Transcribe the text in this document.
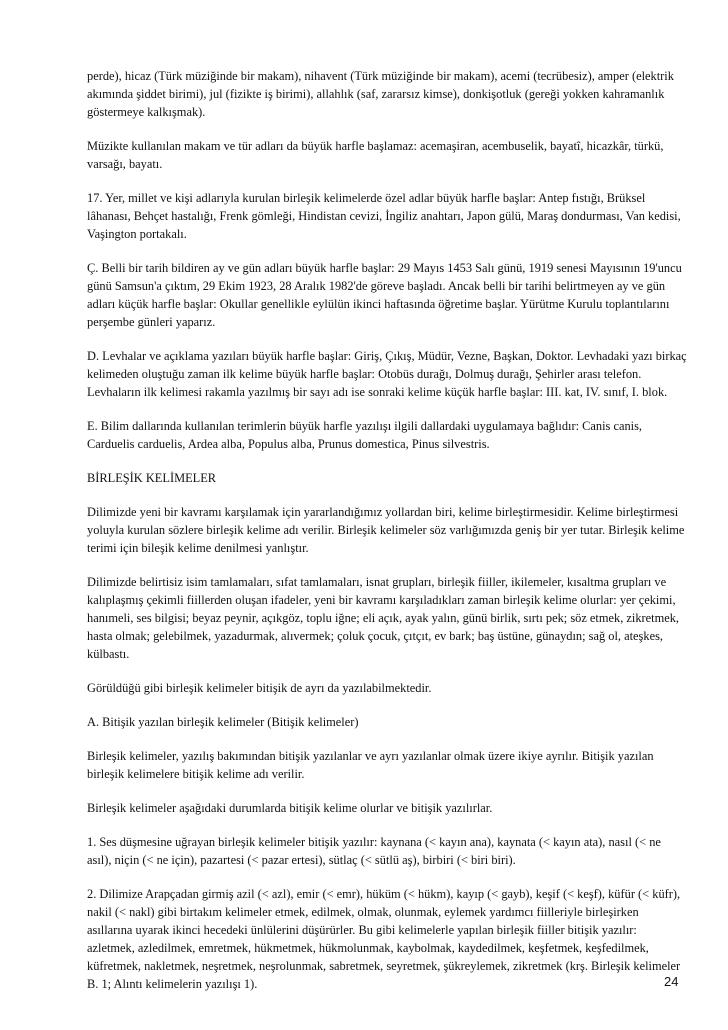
perde), hicaz (Türk müziğinde bir makam), nihavent (Türk müziğinde bir makam), acemi (tecrübesiz), amper (elektrik akımında şiddet birimi), jul (fizikte iş birimi), allahlık (saf, zararsız kimse), donkişotluk (gereği yokken kahramanlık göstermeye kalkışmak).

Müzikte kullanılan makam ve tür adları da büyük harfle başlamaz: acemaşiran, acembuselik, bayatî, hicazkâr, türkü, varsağı, bayatı.

17. Yer, millet ve kişi adlarıyla kurulan birleşik kelimelerde özel adlar büyük harfle başlar: Antep fıstığı, Brüksel lâhanası, Behçet hastalığı, Frenk gömleği, Hindistan cevizi, İngiliz anahtarı, Japon gülü, Maraş dondurması, Van kedisi, Vaşington portakalı.

Ç. Belli bir tarih bildiren ay ve gün adları büyük harfle başlar: 29 Mayıs 1453 Salı günü, 1919 senesi Mayısının 19'uncu günü Samsun'a çıktım, 29 Ekim 1923, 28 Aralık 1982'de göreve başladı. Ancak belli bir tarihi belirtmeyen ay ve gün adları küçük harfle başlar: Okullar genellikle eylülün ikinci haftasında öğretime başlar. Yürütme Kurulu toplantılarını perşembe günleri yaparız.

D. Levhalar ve açıklama yazıları büyük harfle başlar: Giriş, Çıkış, Müdür, Vezne, Başkan, Doktor. Levhadaki yazı birkaç kelimeden oluştuğu zaman ilk kelime büyük harfle başlar: Otobüs durağı, Dolmuş durağı, Şehirler arası telefon. Levhaların ilk kelimesi rakamla yazılmış bir sayı adı ise sonraki kelime küçük harfle başlar: III. kat, IV. sınıf, I. blok.

E. Bilim dallarında kullanılan terimlerin büyük harfle yazılışı ilgili dallardaki uygulamaya bağlıdır: Canis canis, Carduelis carduelis, Ardea alba, Populus alba, Prunus domestica, Pinus silvestris.

BİRLEŞİK KELİMELER

Dilimizde yeni bir kavramı karşılamak için yararlandığımız yollardan biri, kelime birleştirmesidir. Kelime birleştirmesi yoluyla kurulan sözlere birleşik kelime adı verilir. Birleşik kelimeler söz varlığımızda geniş bir yer tutar. Birleşik kelime terimi için bileşik kelime denilmesi yanlıştır.

Dilimizde belirtisiz isim tamlamaları, sıfat tamlamaları, isnat grupları, birleşik fiiller, ikilemeler, kısaltma grupları ve kalıplaşmış çekimli fiillerden oluşan ifadeler, yeni bir kavramı karşıladıkları zaman birleşik kelime olurlar: yer çekimi, hanımeli, ses bilgisi; beyaz peynir, açıkgöz, toplu iğne; eli açık, ayak yalın, günü birlik, sırtı pek; söz etmek, zikretmek, hasta olmak; gelebilmek, yazadurmak, alıvermek; çoluk çocuk, çıtçıt, ev bark; baş üstüne, günaydın; sağ ol, ateşkes, külbastı.

Görüldüğü gibi birleşik kelimeler bitişik de ayrı da yazılabilmektedir.

A. Bitişik yazılan birleşik kelimeler (Bitişik kelimeler)

Birleşik kelimeler, yazılış bakımından bitişik yazılanlar ve ayrı yazılanlar olmak üzere ikiye ayrılır. Bitişik yazılan birleşik kelimelere bitişik kelime adı verilir.

Birleşik kelimeler aşağıdaki durumlarda bitişik kelime olurlar ve bitişik yazılırlar.

1. Ses düşmesine uğrayan birleşik kelimeler bitişik yazılır: kaynana (< kayın ana), kaynata (< kayın ata), nasıl (< ne asıl), niçin (< ne için), pazartesi (< pazar ertesi), sütlaç (< sütlü aş), birbiri (< biri biri).

2. Dilimize Arapçadan girmiş azil (< azl), emir (< emr), hüküm (< hükm), kayıp (< gayb), keşif (< keşf), küfür (< küfr), nakil (< nakl) gibi birtakım kelimeler etmek, edilmek, olmak, olunmak, eylemek yardımcı fiilleriyle birleşirken asıllarına uyarak ikinci hecedeki ünlülerini düşürürler. Bu gibi kelimelerle yapılan birleşik fiiller bitişik yazılır: azletmek, azledilmek, emretmek, hükmetmek, hükmolunmak, kaybolmak, kaydedilmek, keşfetmek, keşfedilmek, küfretmek, nakletmek, neşretmek, neşrolunmak, sabretmek, seyretmek, şükreylemek, zikretmek (krş. Birleşik kelimeler B. 1; Alıntı kelimelerin yazılışı 1).	24
